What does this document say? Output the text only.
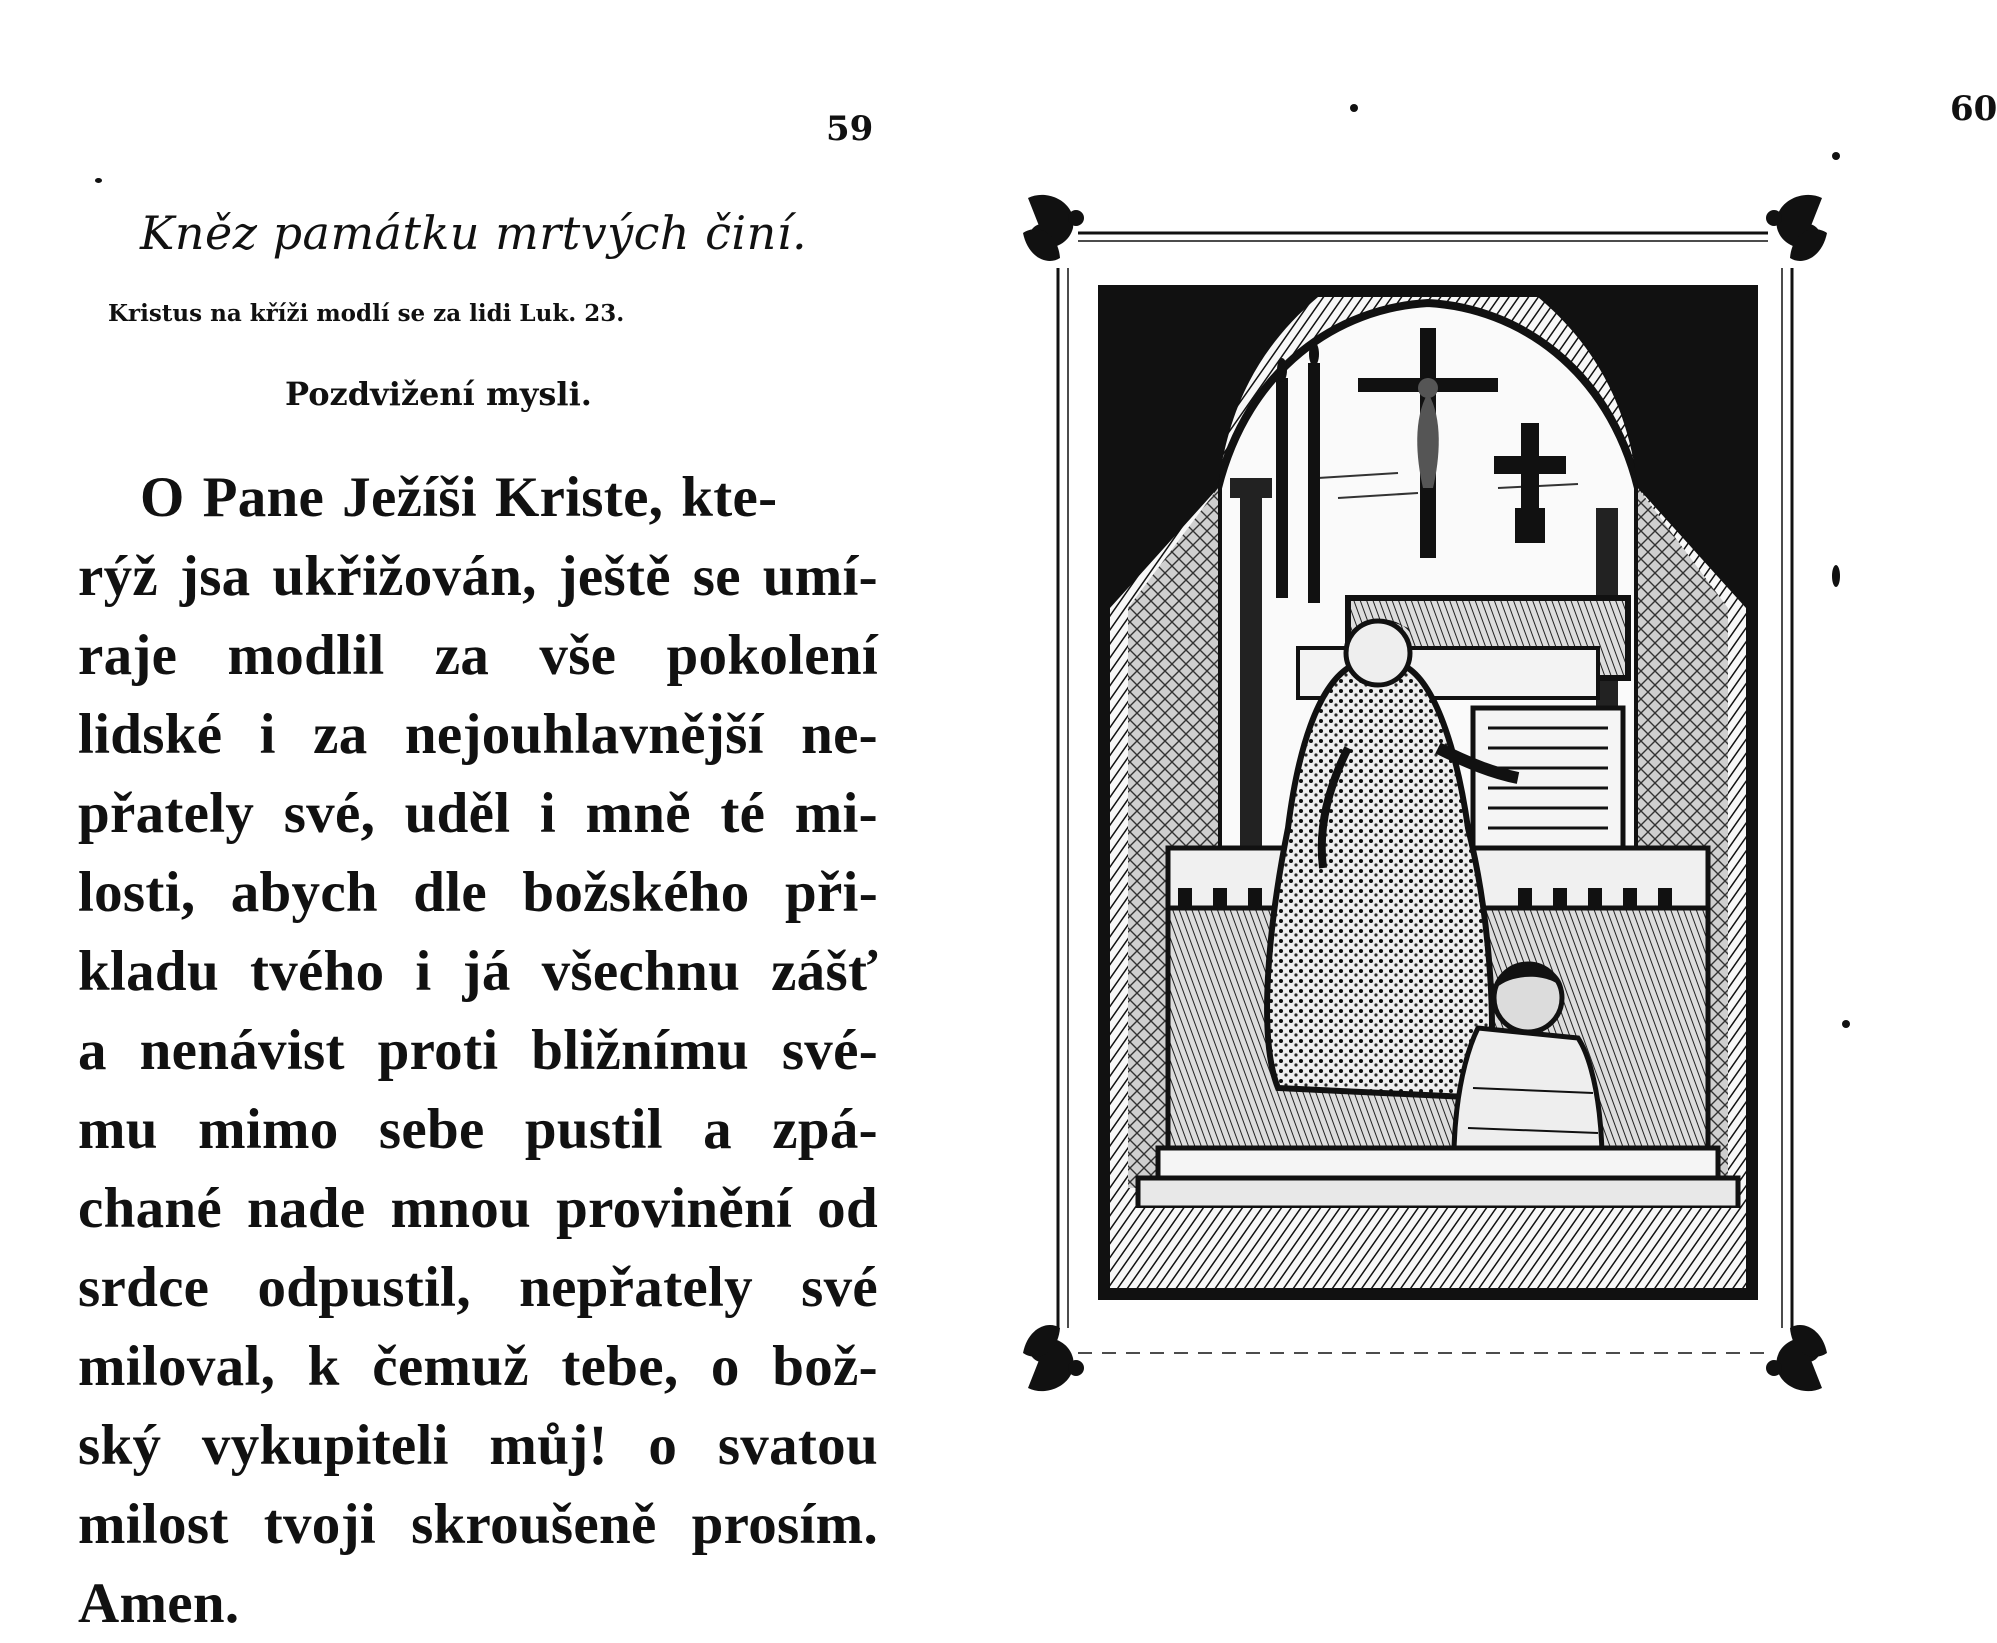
59
Kněz památku mrtvých činí.
Kristus na kříži modlí se za lidi Luk. 23.
Pozdvižení mysli.
O Pane Ježíši Kriste, kte-
rýž jsa ukřižován, ještě se umí-
raje modlil za vše pokolení
lidské i za nejouhlavnější ne-
přately své, uděl i mně té mi-
losti, abych dle božského při-
kladu tvého i já všechnu zášť
a nenávist proti bližnímu své-
mu mimo sebe pustil a zpá-
chané nade mnou provinění od
srdce odpustil, nepřately své
miloval, k čemuž tebe, o bož-
ský vykupiteli můj! o svatou
milost tvoji skroušeně prosím.
Amen.
60
